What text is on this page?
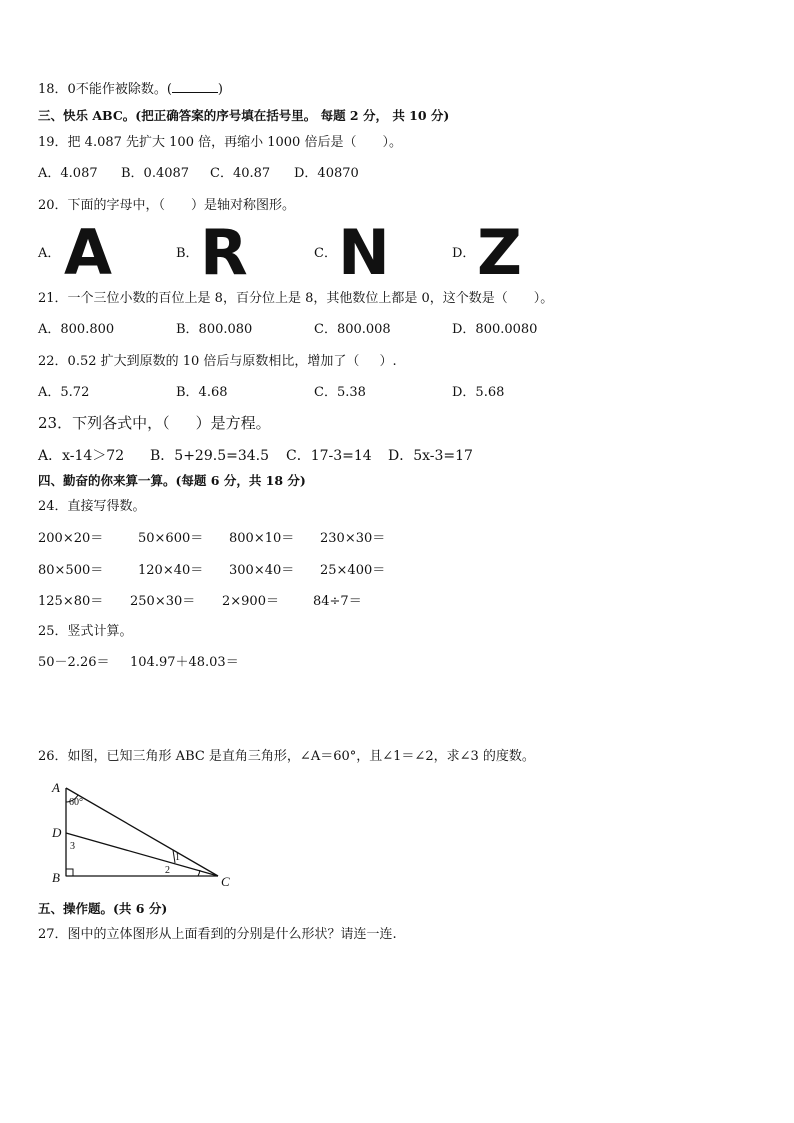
18．0不能作被除数。(	)
三、快乐 ABC。(把正确答案的序号填在括号里。 每题 2 分， 共 10 分)
19．把 4.087 先扩大 100 倍，再缩小 1000 倍后是（ ）。
A．4.087 B．0.4087 C．40.87 D．40870
20．下面的字母中，（ ）是轴对称图形。
A． A	B． R	C． N	D． Z
21．一个三位小数的百位上是 8，百分位上是 8，其他数位上都是 0，这个数是（ ）。
A．800.800	B．800.080	C．800.008	D．800.0080
22．0.52 扩大到原数的 10 倍后与原数相比，增加了（ ）.
A．5.72	B．4.68	C．5.38	D．5.68
23．下列各式中，（ ）是方程。
A．x-14＞72 B．5+29.5=34.5 C．17-3=14 D．5x-3=17
四、勤奋的你来算一算。(每题 6 分，共 18 分)
24．直接写得数。
200×20＝	50×600＝ 800×10＝ 230×30＝
80×500＝	120×40＝ 300×40＝ 25×400＝
125×80＝ 250×30＝ 2×900＝	84÷7＝
25．竖式计算。
50－2.26＝ 104.97＋48.03＝
26．如图，已知三角形 ABC 是直角三角形，∠A＝60°，且∠1＝∠2，求∠3 的度数。
A
D
B	C
60°
3
1
2
五、操作题。(共 6 分)
27．图中的立体图形从上面看到的分别是什么形状？请连一连.
